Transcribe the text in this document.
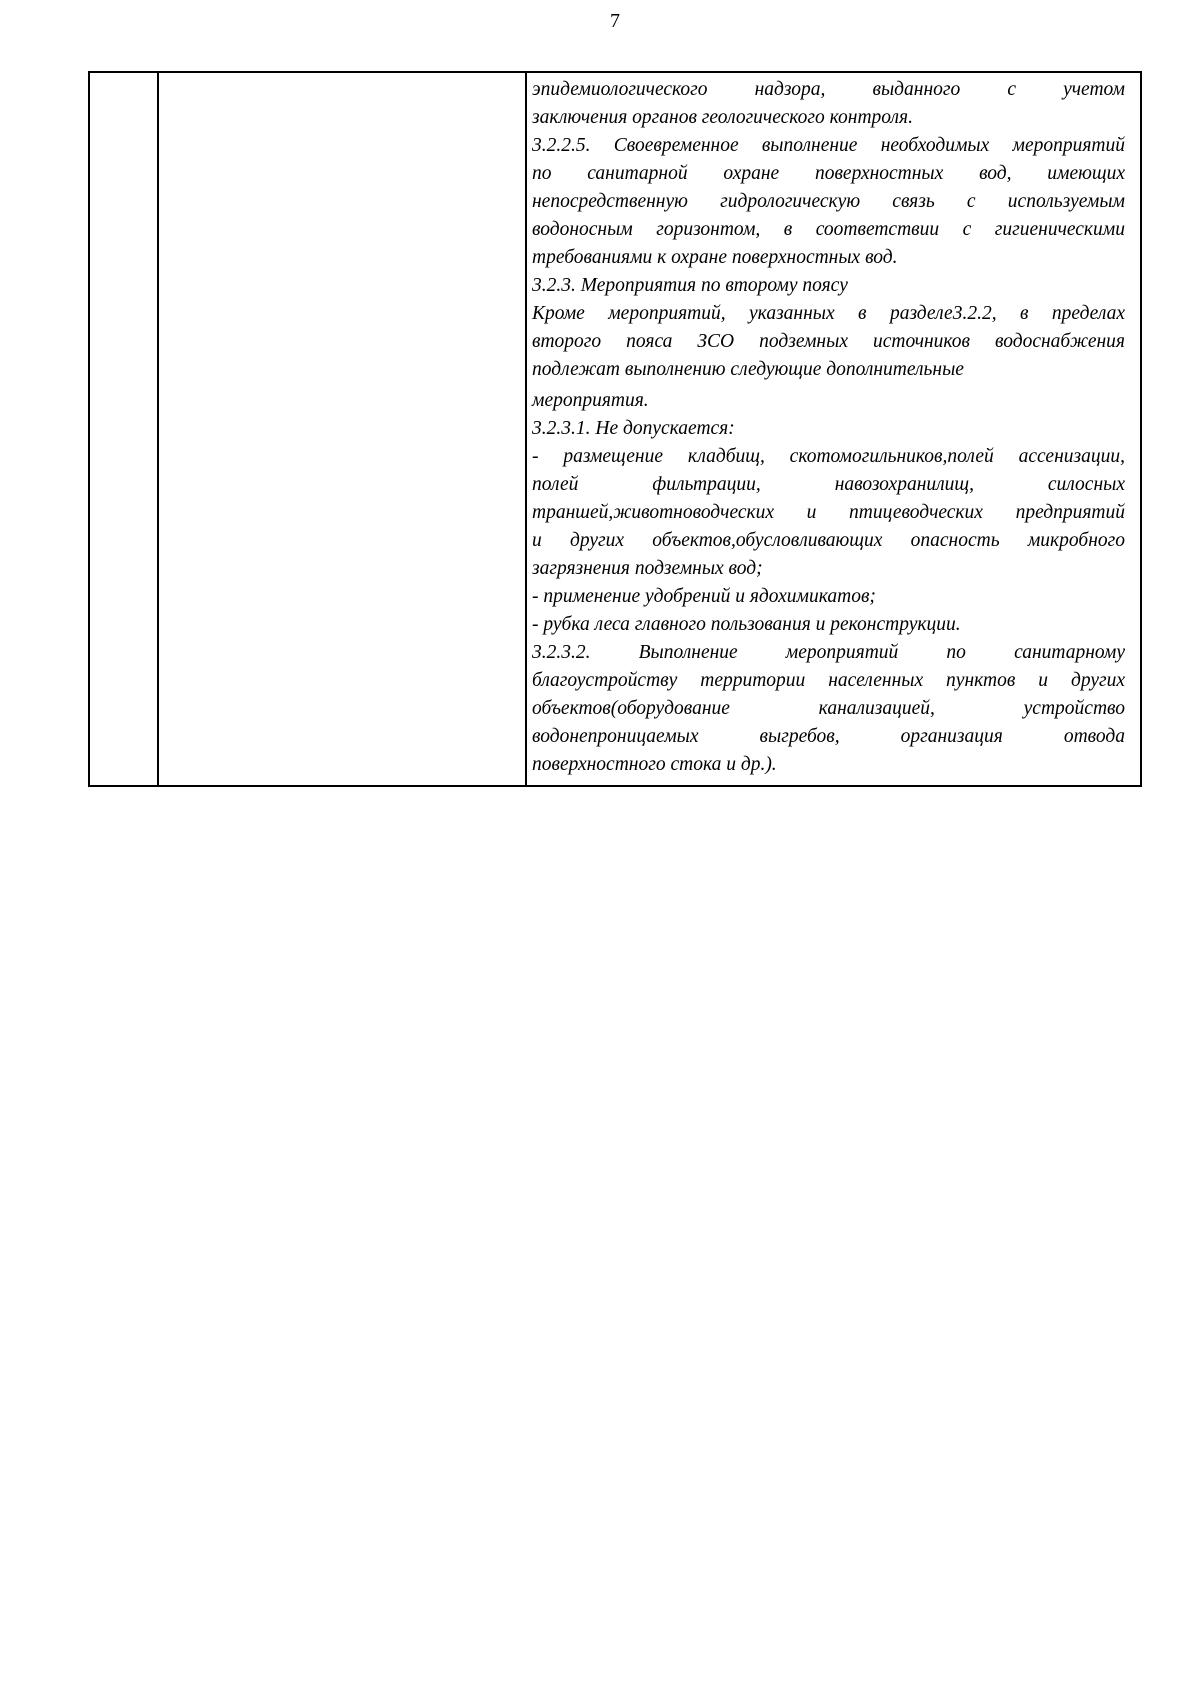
7

эпидемиологического надзора, выданного с учетом
заключения органов геологического контроля.
3.2.2.5. Своевременное выполнение необходимых мероприятий
по санитарной охране поверхностных вод, имеющих
непосредственную гидрологическую связь с используемым
водоносным горизонтом, в соответствии с гигиеническими
требованиями к охране поверхностных вод.
3.2.3. Мероприятия по второму поясу
Кроме мероприятий, указанных в разделе3.2.2, в пределах
второго пояса ЗСО подземных источников водоснабжения
подлежат выполнению следующие дополнительные
мероприятия.
3.2.3.1. Не допускается:
- размещение кладбищ, скотомогильников,полей ассенизации,
полей фильтрации, навозохранилищ, силосных
траншей,животноводческих и птицеводческих предприятий
и других объектов,обусловливающих опасность микробного
загрязнения подземных вод;
- применение удобрений и ядохимикатов;
- рубка леса главного пользования и реконструкции.
3.2.3.2. Выполнение мероприятий по санитарному
благоустройству территории населенных пунктов и других
объектов(оборудование канализацией, устройство
водонепроницаемых выгребов, организация отвода
поверхностного стока и др.).
